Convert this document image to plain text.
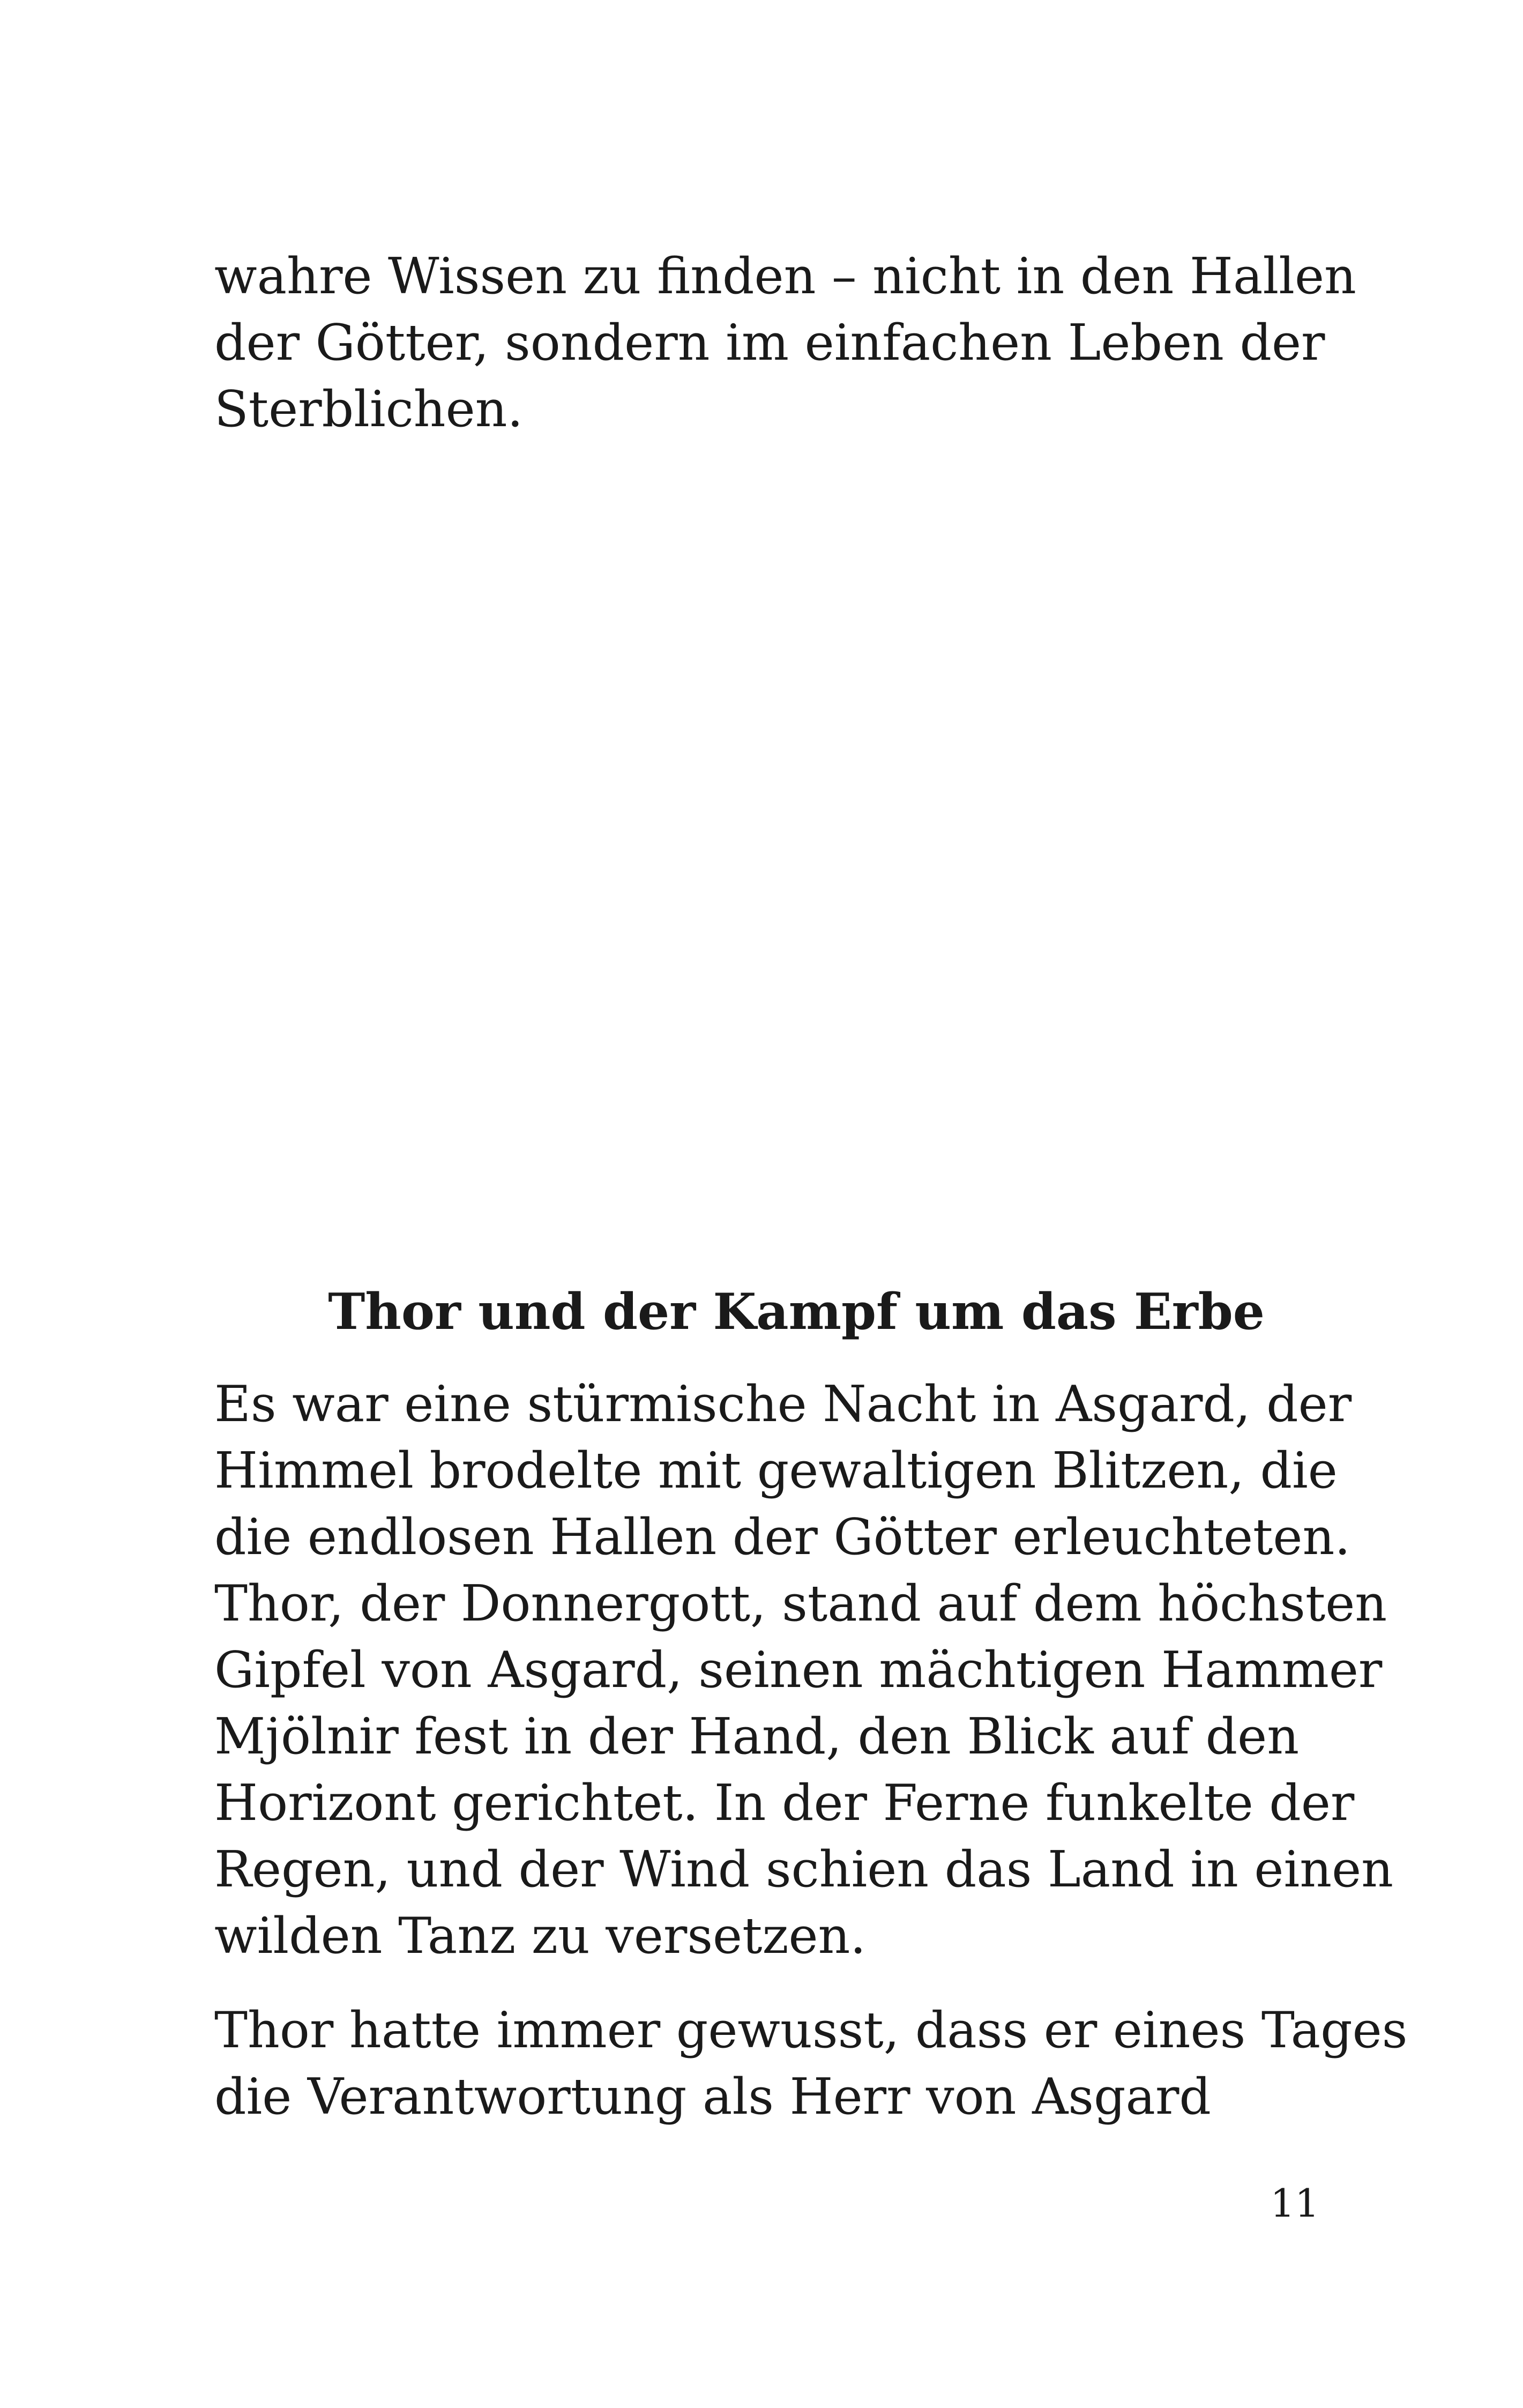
wahre Wissen zu finden – nicht in den Hallen
der Götter, sondern im einfachen Leben der
Sterblichen.

Thor und der Kampf um das Erbe

Es war eine stürmische Nacht in Asgard, der
Himmel brodelte mit gewaltigen Blitzen, die
die endlosen Hallen der Götter erleuchteten.
Thor, der Donnergott, stand auf dem höchsten
Gipfel von Asgard, seinen mächtigen Hammer
Mjölnir fest in der Hand, den Blick auf den
Horizont gerichtet. In der Ferne funkelte der
Regen, und der Wind schien das Land in einen
wilden Tanz zu versetzen.

Thor hatte immer gewusst, dass er eines Tages
die Verantwortung als Herr von Asgard

11
